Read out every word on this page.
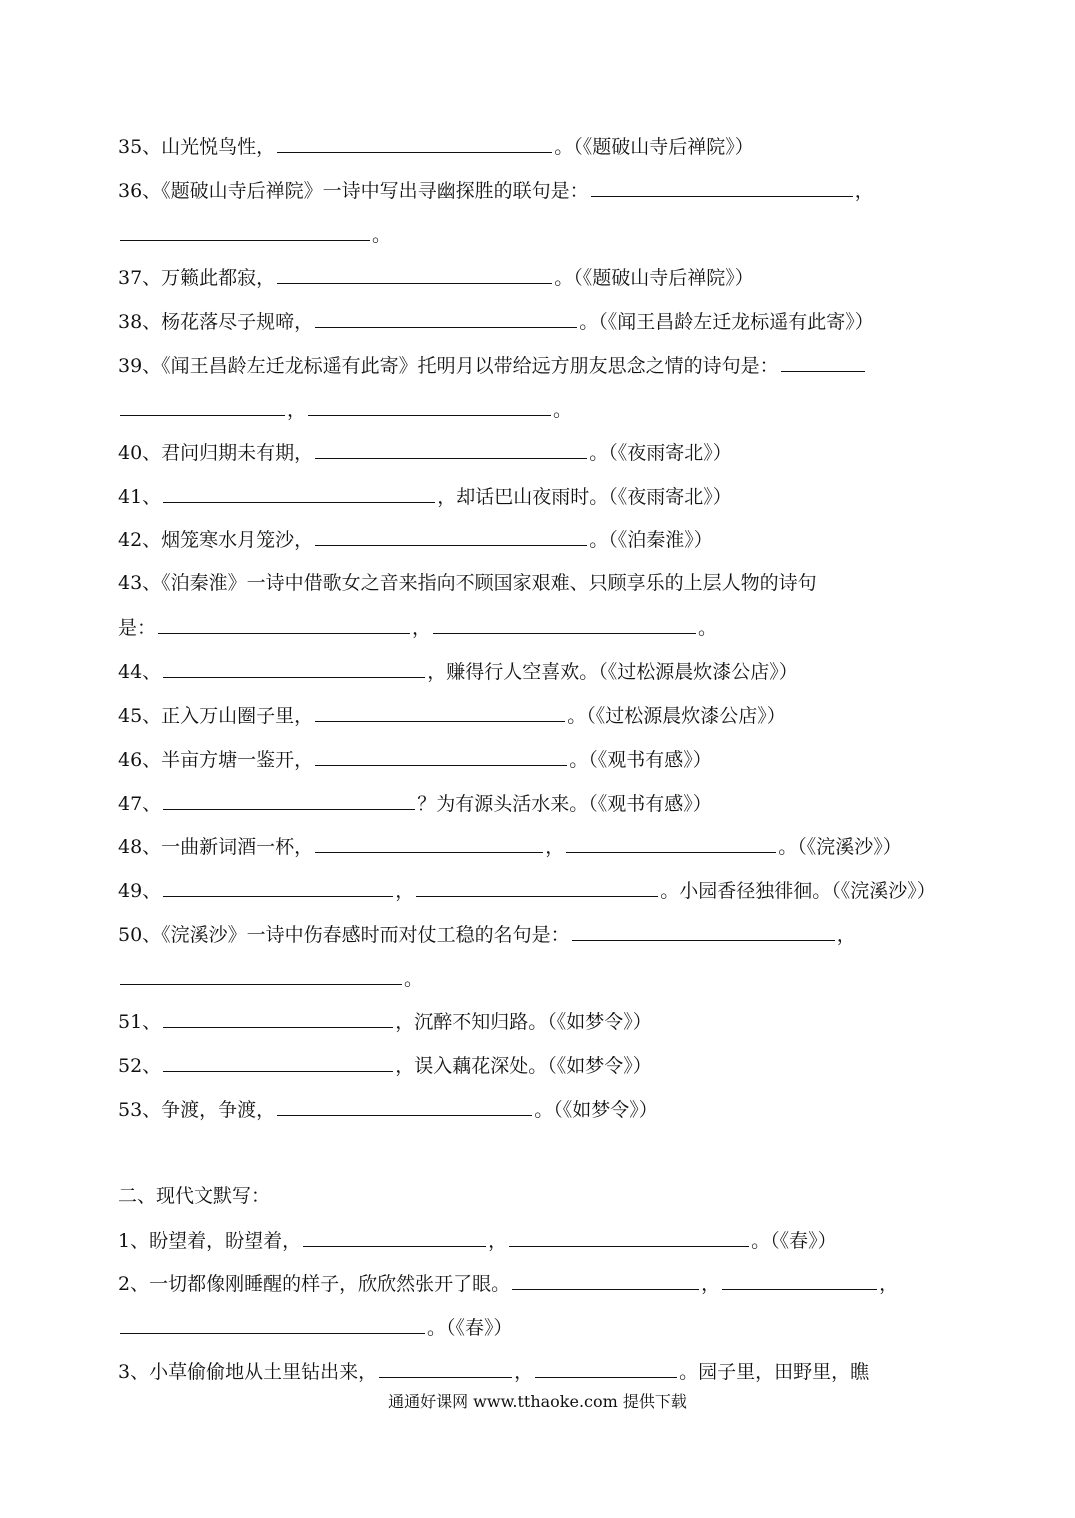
35、山光悦鸟性，	。（《题破山寺后禅院》）
36、《题破山寺后禅院》一诗中写出寻幽探胜的联句是：	，
。
37、万籁此都寂，	。（《题破山寺后禅院》）
38、杨花落尽子规啼，	。（《闻王昌龄左迁龙标遥有此寄》）
39、《闻王昌龄左迁龙标遥有此寄》托明月以带给远方朋友思念之情的诗句是：
，	。
40、君问归期未有期，	。（《夜雨寄北》）
41、	，却话巴山夜雨时。（《夜雨寄北》）
42、烟笼寒水月笼沙，	。（《泊秦淮》）
43、《泊秦淮》一诗中借歌女之音来指向不顾国家艰难、只顾享乐的上层人物的诗句
是：	，	。
44、	，赚得行人空喜欢。（《过松源晨炊漆公店》）
45、正入万山圈子里，	。（《过松源晨炊漆公店》）
46、半亩方塘一鉴开，	。（《观书有感》）
47、	？为有源头活水来。（《观书有感》）
48、一曲新词酒一杯，	，	。（《浣溪沙》）
49、	，	。小园香径独徘徊。（《浣溪沙》）
50、《浣溪沙》一诗中伤春感时而对仗工稳的名句是：	，
。
51、	，沉醉不知归路。（《如梦令》）
52、	，误入藕花深处。（《如梦令》）
53、争渡，争渡，	。（《如梦令》）
二、现代文默写：
1、盼望着，盼望着，	，	。（《春》）
2、一切都像刚睡醒的样子，欣欣然张开了眼。	，	，
。（《春》）
3、小草偷偷地从土里钻出来，	，	。园子里，田野里，瞧
通通好课网 www.tthaoke.com 提供下载
